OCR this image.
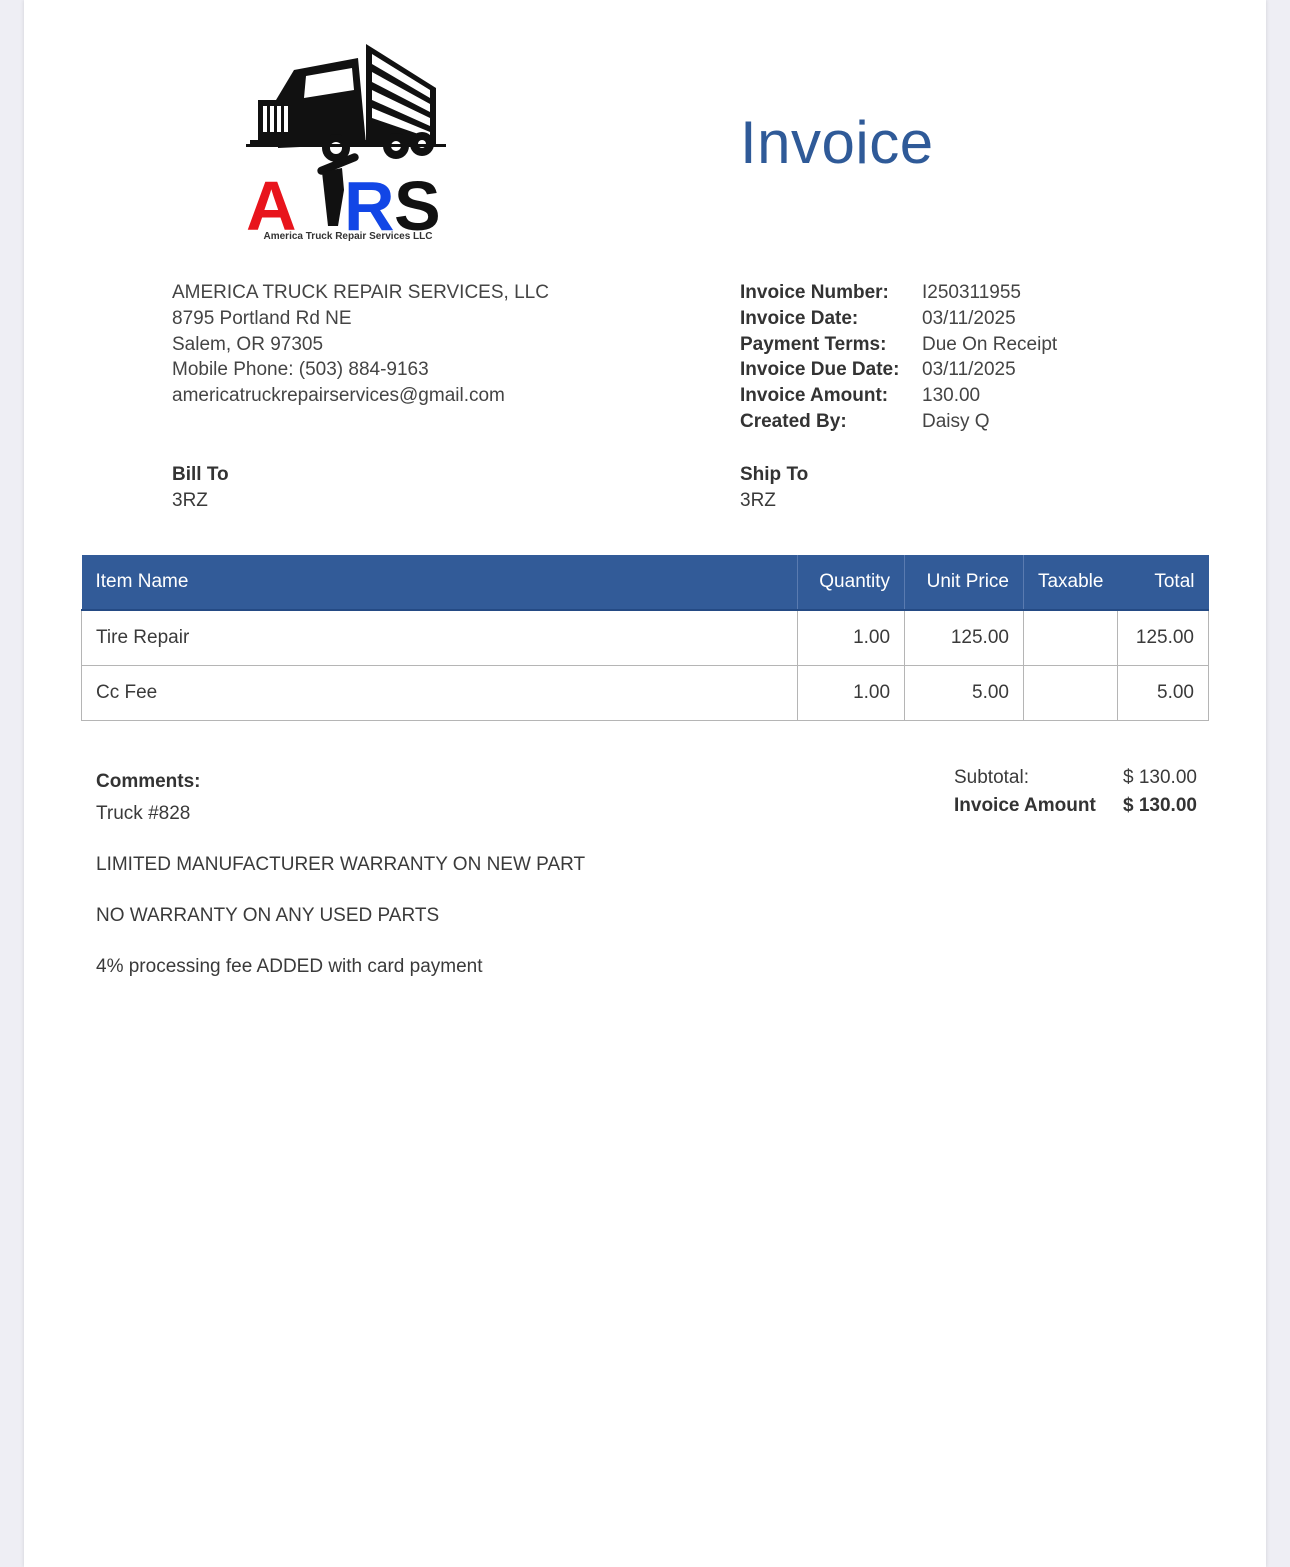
A R S
America Truck Repair Services LLC
Invoice
AMERICA TRUCK REPAIR SERVICES, LLC
8795 Portland Rd NE
Salem, OR 97305
Mobile Phone: (503) 884-9163
americatruckrepairservices@gmail.com
Invoice Number:	I250311955
Invoice Date:	03/11/2025
Payment Terms:	Due On Receipt
Invoice Due Date:	03/11/2025
Invoice Amount:	130.00
Created By:	Daisy Q
Bill To
3RZ
Ship To
3RZ
Item Name	Quantity	Unit Price	Taxable	Total
Tire Repair	1.00	125.00		125.00
Cc Fee	1.00	5.00		5.00
Comments:
Truck #828
LIMITED MANUFACTURER WARRANTY ON NEW PART
NO WARRANTY ON ANY USED PARTS
4% processing fee ADDED with card payment
Subtotal:	$ 130.00
Invoice Amount	$ 130.00
